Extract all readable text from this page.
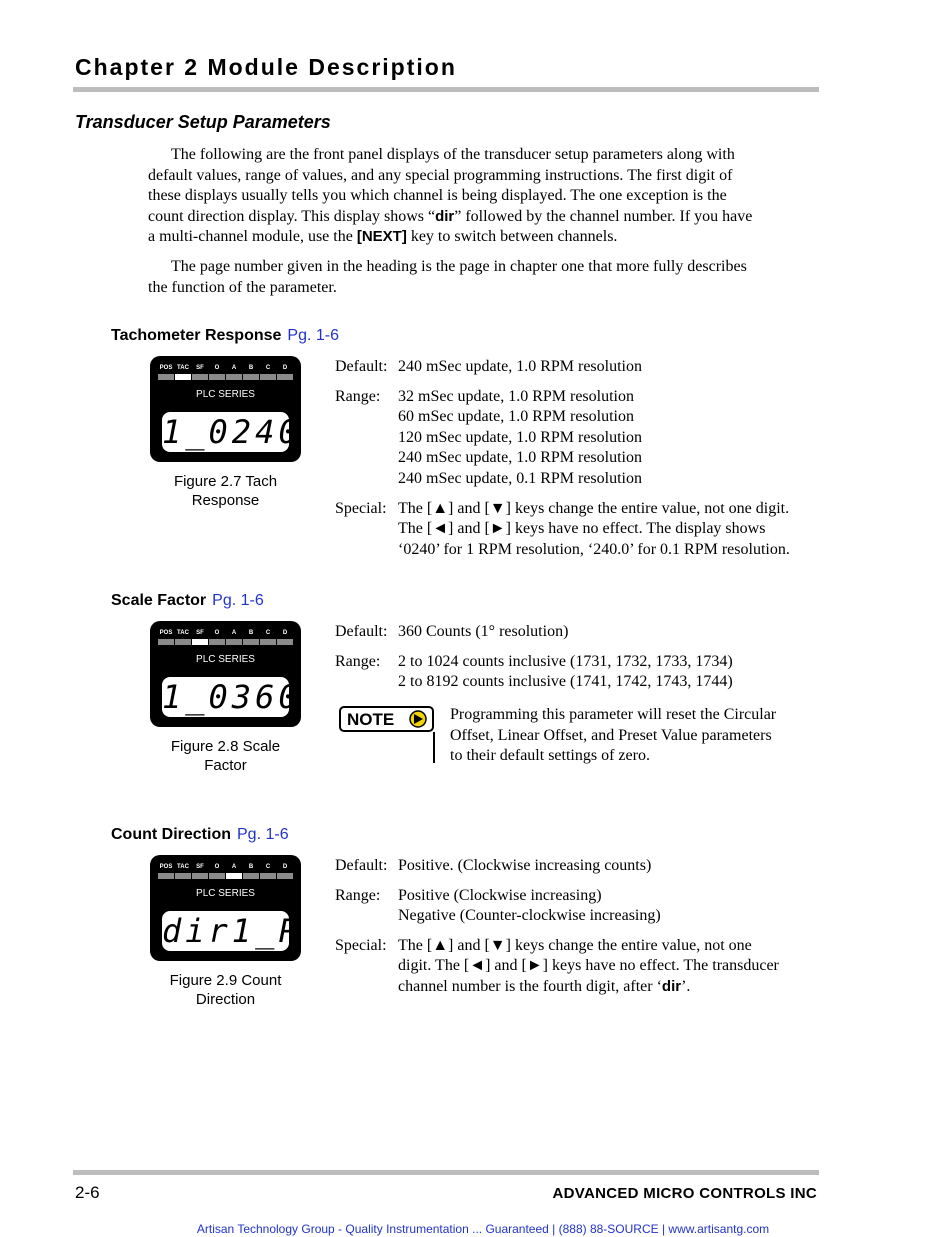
Chapter 2 Module Description
Transducer Setup Parameters

The following are the front panel displays of the transducer setup parameters along with
default values, range of values, and any special programming instructions. The first digit of
these displays usually tells you which channel is being displayed. The one exception is the
count direction display. This display shows “dir” followed by the channel number. If you have
a multi-channel module, use the [NEXT] key to switch between channels.

The page number given in the heading is the page in chapter one that more fully describes
the function of the parameter.

Tachometer Response Pg. 1-6
POS TAC	SF	O	A	B	C	D
PLC SERIES
1_0240
Figure 2.7 Tach
Response
Default: 240 mSec update, 1.0 RPM resolution
Range:	32 mSec update, 1.0 RPM resolution
60 mSec update, 1.0 RPM resolution
120 mSec update, 1.0 RPM resolution
240 mSec update, 1.0 RPM resolution
240 mSec update, 0.1 RPM resolution
Special: The [▲] and [▼] keys change the entire value, not one digit.
The [◄] and [►] keys have no effect. The display shows
‘0240’ for 1 RPM resolution, ‘240.0’ for 0.1 RPM resolution.
Scale Factor Pg. 1-6
POS TAC	SF	O	A	B	C	D
PLC SERIES
1_0360
Figure 2.8 Scale
Factor
Default: 360 Counts (1° resolution)
Range:	2 to 1024 counts inclusive (1731, 1732, 1733, 1734)
2 to 8192 counts inclusive (1741, 1742, 1743, 1744)
NOTE	Programming this parameter will reset the Circular
Offset, Linear Offset, and Preset Value parameters
to their default settings of zero.
Count Direction Pg. 1-6
POS TAC	SF	O	A	B	C	D
PLC SERIES
dir1_P
Figure 2.9 Count
Direction
Default: Positive. (Clockwise increasing counts)
Range:	Positive (Clockwise increasing)
Negative (Counter-clockwise increasing)
Special: The [▲] and [▼] keys change the entire value, not one
digit. The [◄] and [►] keys have no effect. The transducer
channel number is the fourth digit, after ‘dir’.
2-6	ADVANCED MICRO CONTROLS INC
Artisan Technology Group - Quality Instrumentation ... Guaranteed | (888) 88-SOURCE | www.artisantg.com
